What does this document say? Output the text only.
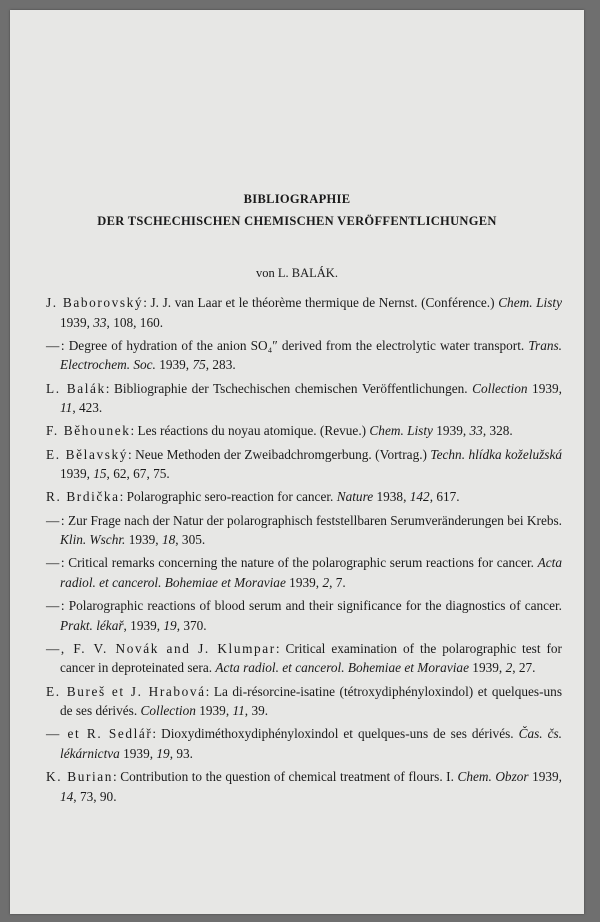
BIBLIOGRAPHIE
DER TSCHECHISCHEN CHEMISCHEN VERÖFFENTLICHUNGEN
von L. BALÁK.

J. Baborovský: J. J. van Laar et le théorème thermique de Nernst. (Conférence.) Chem. Listy 1939, 33, 108, 160.

—: Degree of hydration of the anion SO₄″ derived from the electrolytic water transport. Trans. Electrochem. Soc. 1939, 75, 283.

L. Balák: Bibliographie der Tschechischen chemischen Veröffentlichungen. Collection 1939, 11, 423.

F. Běhounek: Les réactions du noyau atomique. (Revue.) Chem. Listy 1939, 33, 328.

E. Bělavský: Neue Methoden der Zweibadchromgerbung. (Vortrag.) Techn. hlídka koželužská 1939, 15, 62, 67, 75.

R. Brdička: Polarographic sero-reaction for cancer. Nature 1938, 142, 617.

—: Zur Frage nach der Natur der polarographisch feststellbaren Serumveränderungen bei Krebs. Klin. Wschr. 1939, 18, 305.

—: Critical remarks concerning the nature of the polarographic serum reactions for cancer. Acta radiol. et cancerol. Bohemiae et Moraviae 1939, 2, 7.

—: Polarographic reactions of blood serum and their significance for the diagnostics of cancer. Prakt. lékař, 1939, 19, 370.

—, F. V. Novák and J. Klumpar: Critical examination of the polarographic test for cancer in deproteinated sera. Acta radiol. et cancerol. Bohemiae et Moraviae 1939, 2, 27.

E. Bureš et J. Hrabová: La di-résorcine-isatine (tétroxydiphényloxindol) et quelques-uns de ses dérivés. Collection 1939, 11, 39.

— et R. Sedlář: Dioxydiméthoxydiphényloxindol et quelques-uns de ses dérivés. Čas. čs. lékárnictva 1939, 19, 93.

K. Burian: Contribution to the question of chemical treatment of flours. I. Chem. Obzor 1939, 14, 73, 90.
